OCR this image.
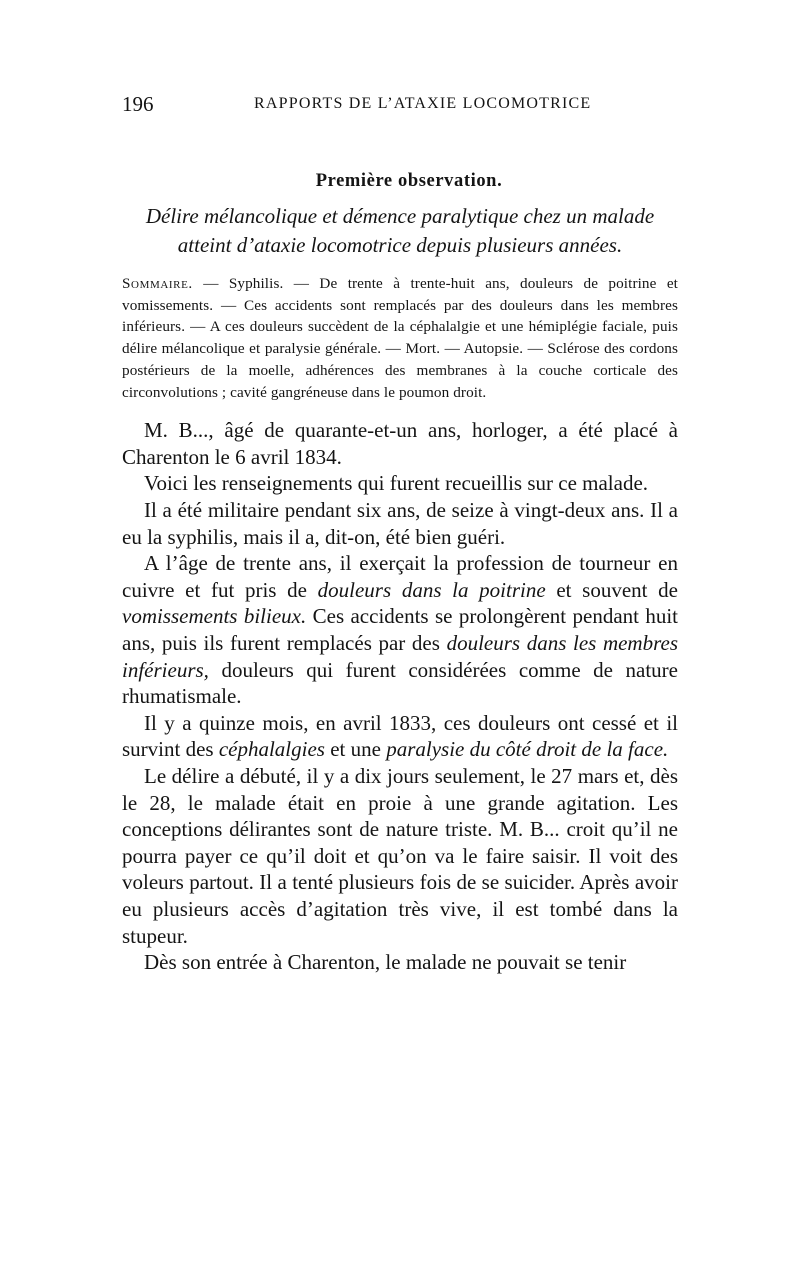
196	RAPPORTS DE L’ATAXIE LOCOMOTRICE
Première observation.
Délire mélancolique et démence paralytique chez un malade atteint d’ataxie locomotrice depuis plusieurs années.

Sommaire. — Syphilis. — De trente à trente-huit ans, douleurs de poitrine et vomissements. — Ces accidents sont remplacés par des douleurs dans les membres inférieurs. — A ces douleurs succèdent de la céphalalgie et une hémiplégie faciale, puis délire mélancolique et paralysie générale. — Mort. — Autopsie. — Sclérose des cordons postérieurs de la moelle, adhérences des membranes à la couche corticale des circonvolutions ; cavité gangréneuse dans le poumon droit.

M. B..., âgé de quarante-et-un ans, horloger, a été placé à Charenton le 6 avril 1834.

Voici les renseignements qui furent recueillis sur ce malade.

Il a été militaire pendant six ans, de seize à vingt-deux ans. Il a eu la syphilis, mais il a, dit-on, été bien guéri.

A l’âge de trente ans, il exerçait la profession de tourneur en cuivre et fut pris de douleurs dans la poitrine et souvent de vomissements bilieux. Ces accidents se prolongèrent pendant huit ans, puis ils furent remplacés par des douleurs dans les membres inférieurs, douleurs qui furent considérées comme de nature rhumatismale.

Il y a quinze mois, en avril 1833, ces douleurs ont cessé et il survint des céphalalgies et une paralysie du côté droit de la face.

Le délire a débuté, il y a dix jours seulement, le 27 mars et, dès le 28, le malade était en proie à une grande agitation. Les conceptions délirantes sont de nature triste. M. B... croit qu’il ne pourra payer ce qu’il doit et qu’on va le faire saisir. Il voit des voleurs partout. Il a tenté plusieurs fois de se suicider. Après avoir eu plusieurs accès d’agitation très vive, il est tombé dans la stupeur.

Dès son entrée à Charenton, le malade ne pouvait se tenir
